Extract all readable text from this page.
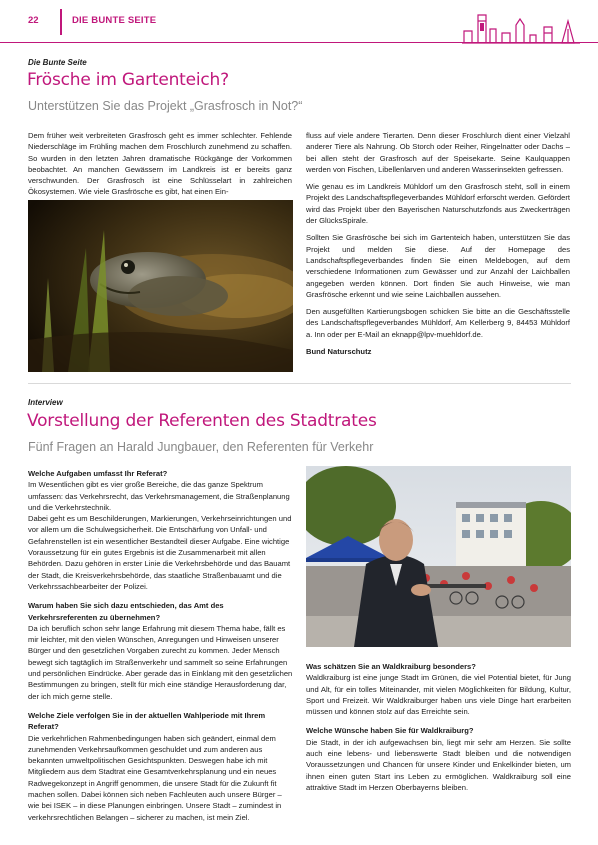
22	DIE BUNTE SEITE
Die Bunte Seite
Frösche im Gartenteich?
Unterstützen Sie das Projekt „Grasfrosch in Not?“

Dem früher weit verbreiteten Grasfrosch geht es immer schlechter. Fehlende Niederschläge im Frühling machen dem Froschlurch zunehmend zu schaffen. So wurden in den letzten Jahren dramatische Rückgänge der Vorkommen beobachtet. An manchen Gewässern im Landkreis ist er bereits ganz verschwunden. Der Grasfrosch ist eine Schlüsselart in zahlreichen Ökosystemen. Wie viele Grasfrösche es gibt, hat einen Ein-

fluss auf viele andere Tierarten. Denn dieser Froschlurch dient einer Vielzahl anderer Tiere als Nahrung. Ob Storch oder Reiher, Ringelnatter oder Dachs – bei allen steht der Grasfrosch auf der Speisekarte. Seine Kaulquappen werden von Fischen, Libellenlarven und anderen Wasserinsekten gefressen.

Wie genau es im Landkreis Mühldorf um den Grasfrosch steht, soll in einem Projekt des Landschaftspflegeverbandes Mühldorf erforscht werden. Gefördert wird das Projekt über den Bayerischen Naturschutzfonds aus Zweckerträgen der GlücksSpirale.

Sollten Sie Grasfrösche bei sich im Gartenteich haben, unterstützen Sie das Projekt und melden Sie diese. Auf der Homepage des Landschaftspflegeverbandes finden Sie einen Meldebogen, auf dem verschiedene Informationen zum Gewässer und zur Anzahl der Laichballen angegeben werden können. Dort finden Sie auch Hinweise, wie man Grasfrösche erkennt und wie seine Laichballen aussehen.

Den ausgefüllten Kartierungsbogen schicken Sie bitte an die Geschäftsstelle des Landschaftspflegeverbandes Mühldorf, Am Kellerberg 9, 84453 Mühldorf a. Inn oder per E-Mail an eknapp@lpv-muehldorf.de.

Bund Naturschutz

Interview
Vorstellung der Referenten des Stadtrates
Fünf Fragen an Harald Jungbauer, den Referenten für Verkehr

Welche Aufgaben umfasst Ihr Referat?

Im Wesentlichen gibt es vier große Bereiche, die das ganze Spektrum umfassen: das Verkehrsrecht, das Verkehrsmanagement, die Straßenplanung und die Verkehrstechnik.

Dabei geht es um Beschilderungen, Markierungen, Verkehrseinrichtungen und vor allem um die Schulwegsicherheit. Die Entschärfung von Unfall- und Gefahrenstellen ist ein wesentlicher Bestandteil dieser Aufgabe. Eine wichtige Voraussetzung für ein gutes Ergebnis ist die Zusammenarbeit mit allen Behörden. Dazu gehören in erster Linie die Verkehrsbehörde und das Bauamt der Stadt, die Kreisverkehrsbehörde, das staatliche Straßenbauamt und die Verkehrssachbearbeiter der Polizei.

Warum haben Sie sich dazu entschieden, das Amt des Verkehrsreferenten zu übernehmen?

Da ich beruflich schon sehr lange Erfahrung mit diesem Thema habe, fällt es mir leichter, mit den vielen Wünschen, Anregungen und Hinweisen unserer Bürger und den gesetzlichen Vorgaben zurecht zu kommen. Jeder Mensch bewegt sich tagtäglich im Straßenverkehr und sammelt so seine Erfahrungen und persönlichen Eindrücke. Aber gerade das in Einklang mit den gesetzlichen Bestimmungen zu bringen, stellt für mich eine ständige Herausforderung dar, der ich mich gerne stelle.

Welche Ziele verfolgen Sie in der aktuellen Wahlperiode mit Ihrem Referat?

Die verkehrlichen Rahmenbedingungen haben sich geändert, einmal dem zunehmenden Verkehrsaufkommen geschuldet und zum anderen aus bekannten umweltpolitischen Gesichtspunkten. Deswegen habe ich mit Mitgliedern aus dem Stadtrat eine Gesamtverkehrsplanung und ein neues Radwegekonzept in Angriff genommen, die unsere Stadt für die Zukunft fit machen sollen. Dabei können sich neben Fachleuten auch unsere Bürger – wie bei ISEK – in diese Planungen einbringen. Unsere Stadt – zumindest in verkehrsrechtlichen Belangen – sicherer zu machen, ist mein Ziel.

Was schätzen Sie an Waldkraiburg besonders?

Waldkraiburg ist eine junge Stadt im Grünen, die viel Potential bietet, für Jung und Alt, für ein tolles Miteinander, mit vielen Möglichkeiten für Bildung, Kultur, Sport und Freizeit. Wir Waldkraiburger haben uns viele Dinge hart erarbeiten müssen und können stolz auf das Erreichte sein.

Welche Wünsche haben Sie für Waldkraiburg?

Die Stadt, in der ich aufgewachsen bin, liegt mir sehr am Herzen. Sie sollte auch eine lebens- und liebenswerte Stadt bleiben und die notwendigen Voraussetzungen und Chancen für unsere Kinder und Enkelkinder bieten, um ihnen einen guten Start ins Leben zu ermöglichen. Waldkraiburg soll eine attraktive Stadt im Herzen Oberbayerns bleiben.
